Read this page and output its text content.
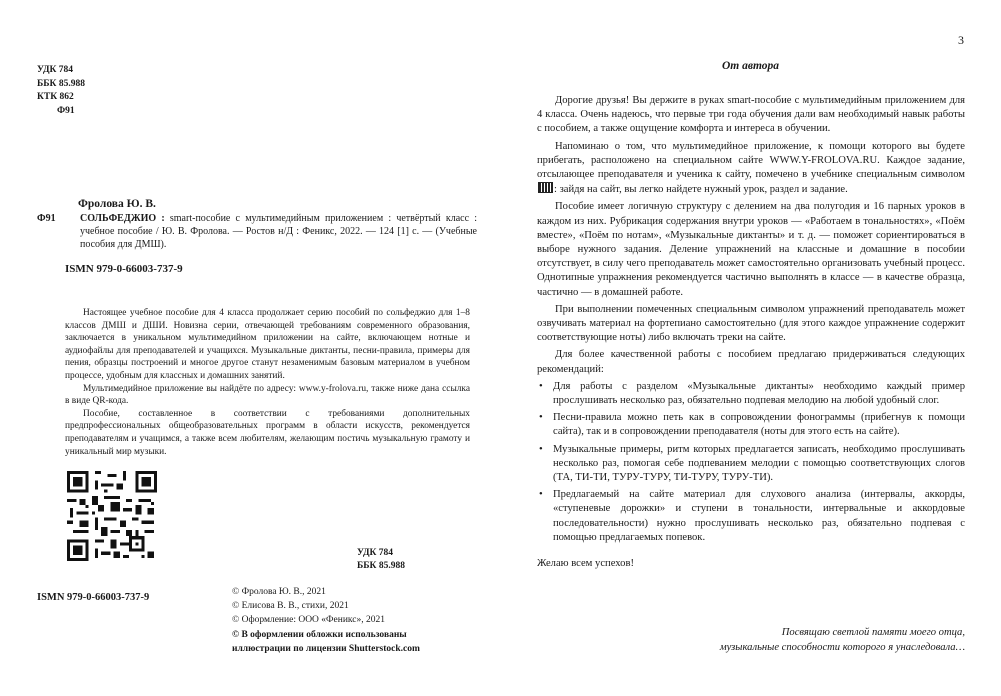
УДК 784
ББК 85.988
КТК 862
Ф91
Фролова Ю. В.
Ф91 СОЛЬФЕДЖИО : smart-пособие с мультимедийным приложением : четвёртый класс : учебное пособие / Ю. В. Фролова. — Ростов н/Д : Феникс, 2022. — 124 [1] с. — (Учебные пособия для ДМШ).
ISMN 979-0-66003-737-9

Настоящее учебное пособие для 4 класса продолжает серию пособий по сольфеджио для 1–8 классов ДМШ и ДШИ. Новизна серии, отвечающей требованиям современного образования, заключается в уникальном мультимедийном приложении на сайте, включающем нотные и аудиофайлы для преподавателей и учащихся. Музыкальные диктанты, песни-правила, примеры для пения, образцы построений и многое другое станут незаменимым базовым материалом в учебном процессе, удобным для классных и домашних занятий.

Мультимедийное приложение вы найдёте по адресу: www.y-frolova.ru, также ниже дана ссылка в виде QR-кода.

Пособие, составленное в соответствии с требованиями дополнительных предпрофессиональных общеобразовательных программ в области искусств, рекомендуется преподавателям и учащимся, а также всем любителям, желающим постичь музыкальную грамоту и уникальный мир музыки.

УДК 784
ББК 85.988
ISMN 979-0-66003-737-9	© Фролова Ю. В., 2021
© Елисова В. В., стихи, 2021
© Оформление: ООО «Феникс», 2021
© В оформлении обложки использованы
иллюстрации по лицензии Shutterstock.com
3
От автора

Дорогие друзья! Вы держите в руках smart-пособие с мультимедийным приложением для 4 класса. Очень надеюсь, что первые три года обучения дали вам необходимый навык работы с пособием, а также ощущение комфорта и интереса в обучении.

Напоминаю о том, что мультимедийное приложение, к помощи которого вы будете прибегать, расположено на специальном сайте WWW.Y-FROLOVA.RU. Каждое задание, отсылающее преподавателя и ученика к сайту, помечено в учебнике специальным символом: зайдя на сайт, вы легко найдете нужный урок, раздел и задание.

Пособие имеет логичную структуру с делением на два полугодия и 16 парных уроков в каждом из них. Рубрикация содержания внутри уроков — «Работаем в тональностях», «Поём вместе», «Поём по нотам», «Музыкальные диктанты» и т. д. — поможет сориентироваться в выборе нужного задания. Деление упражнений на классные и домашние в пособии отсутствует, в силу чего преподаватель может самостоятельно организовать учебный процесс. Однотипные упражнения рекомендуется частично выполнять в классе — в качестве образца, частично — в домашней работе.

При выполнении помеченных специальным символом упражнений преподаватель может озвучивать материал на фортепиано самостоятельно (для этого каждое упражнение содержит соответствующие ноты) либо включать треки на сайте.

Для более качественной работы с пособием предлагаю придерживаться следующих рекомендаций:

• Для работы с разделом «Музыкальные диктанты» необходимо каждый пример прослушивать несколько раз, обязательно подпевая мелодию на любой удобный слог.

• Песни-правила можно петь как в сопровождении фонограммы (прибегнув к помощи сайта), так и в сопровождении преподавателя (ноты для этого есть на сайте).

• Музыкальные примеры, ритм которых предлагается записать, необходимо прослушивать несколько раз, помогая себе подпеванием мелодии с помощью соответствующих слогов (ТА, ТИ-ТИ, ТУРУ-ТУРУ, ТИ-ТУРУ, ТУРУ-ТИ).

• Предлагаемый на сайте материал для слухового анализа (интервалы, аккорды, «ступеневые дорожки» и ступени в тональности, интервальные и аккордовые последовательности) нужно прослушивать несколько раз, обязательно подпевая с помощью предлагаемых попевок.

Желаю всем успехов!

Посвящаю светлой памяти моего отца,
музыкальные способности которого я унаследовала…
